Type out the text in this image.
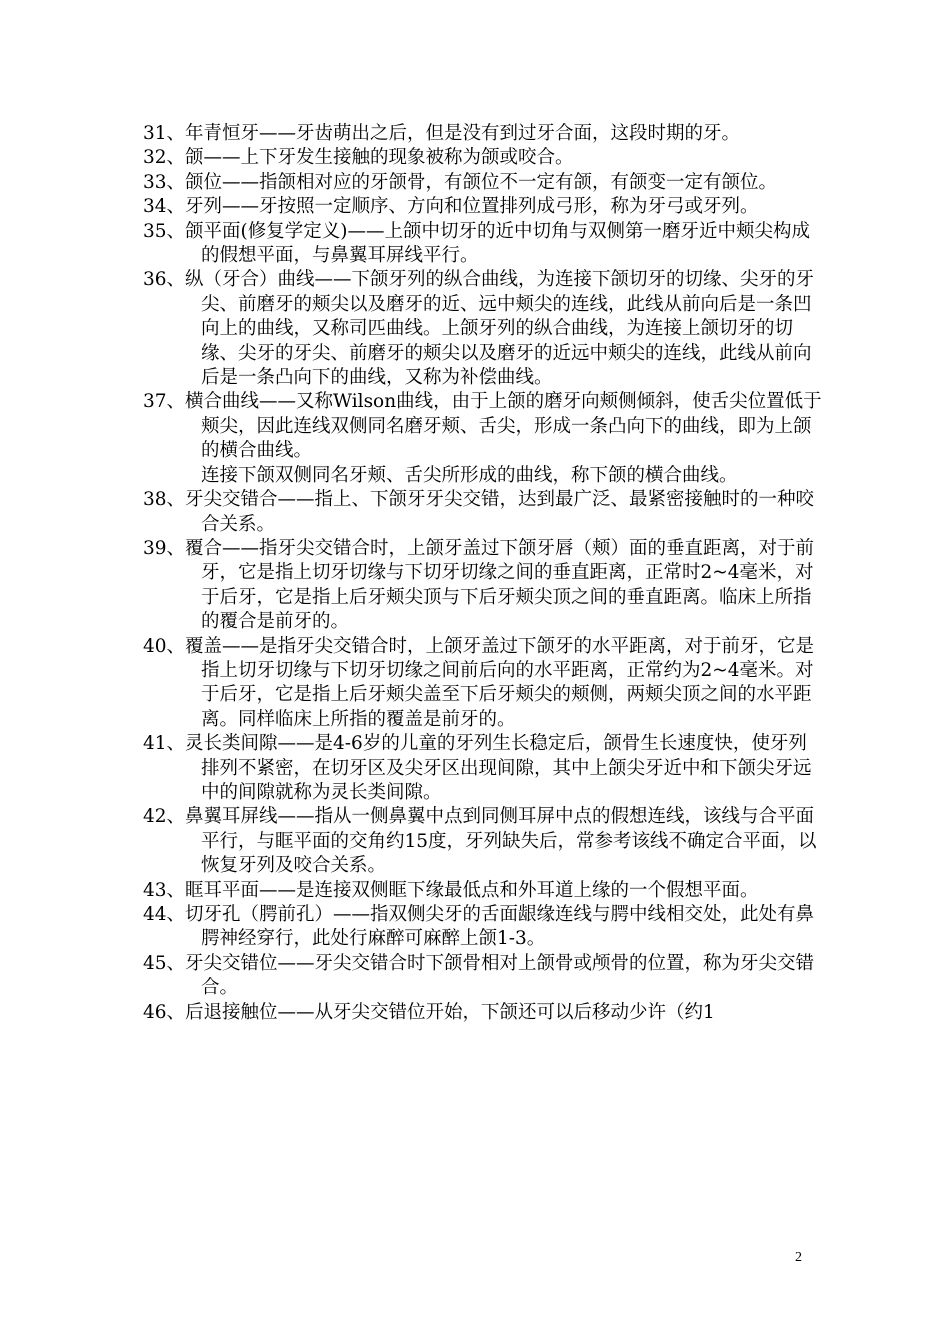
31、年青恒牙——牙齿萌出之后，但是没有到过牙合面，这段时期的牙。

32、颌——上下牙发生接触的现象被称为颌或咬合。

33、颌位——指颌相对应的牙颌骨，有颌位不一定有颌，有颌变一定有颌位。

34、牙列——牙按照一定顺序、方向和位置排列成弓形，称为牙弓或牙列。

35、颌平面(修复学定义)——上颌中切牙的近中切角与双侧第一磨牙近中颊尖构成的假想平面，与鼻翼耳屏线平行。

36、纵（牙合）曲线——下颌牙列的纵合曲线，为连接下颌切牙的切缘、尖牙的牙尖、前磨牙的颊尖以及磨牙的近、远中颊尖的连线，此线从前向后是一条凹向上的曲线，又称司匹曲线。上颌牙列的纵合曲线，为连接上颌切牙的切缘、尖牙的牙尖、前磨牙的颊尖以及磨牙的近远中颊尖的连线，此线从前向后是一条凸向下的曲线，又称为补偿曲线。

37、横合曲线——又称Wilson曲线，由于上颌的磨牙向颊侧倾斜，使舌尖位置低于颊尖，因此连线双侧同名磨牙颊、舌尖，形成一条凸向下的曲线，即为上颌的横合曲线。

连接下颌双侧同名牙颊、舌尖所形成的曲线，称下颌的横合曲线。

38、牙尖交错合——指上、下颌牙牙尖交错，达到最广泛、最紧密接触时的一种咬合关系。

39、覆合——指牙尖交错合时，上颌牙盖过下颌牙唇（颊）面的垂直距离，对于前牙，它是指上切牙切缘与下切牙切缘之间的垂直距离，正常时2~4毫米，对于后牙，它是指上后牙颊尖顶与下后牙颊尖顶之间的垂直距离。临床上所指的覆合是前牙的。

40、覆盖——是指牙尖交错合时，上颌牙盖过下颌牙的水平距离，对于前牙，它是指上切牙切缘与下切牙切缘之间前后向的水平距离，正常约为2~4毫米。对于后牙，它是指上后牙颊尖盖至下后牙颊尖的颊侧，两颊尖顶之间的水平距离。同样临床上所指的覆盖是前牙的。

41、灵长类间隙——是4-6岁的儿童的牙列生长稳定后，颌骨生长速度快，使牙列排列不紧密，在切牙区及尖牙区出现间隙，其中上颌尖牙近中和下颌尖牙远中的间隙就称为灵长类间隙。

42、鼻翼耳屏线——指从一侧鼻翼中点到同侧耳屏中点的假想连线，该线与合平面平行，与眶平面的交角约15度，牙列缺失后，常参考该线不确定合平面，以恢复牙列及咬合关系。

43、眶耳平面——是连接双侧眶下缘最低点和外耳道上缘的一个假想平面。

44、切牙孔（腭前孔）——指双侧尖牙的舌面龈缘连线与腭中线相交处，此处有鼻腭神经穿行，此处行麻醉可麻醉上颌1-3。

45、牙尖交错位——牙尖交错合时下颌骨相对上颌骨或颅骨的位置，称为牙尖交错合。

46、后退接触位——从牙尖交错位开始，下颌还可以后移动少许（约1

2
